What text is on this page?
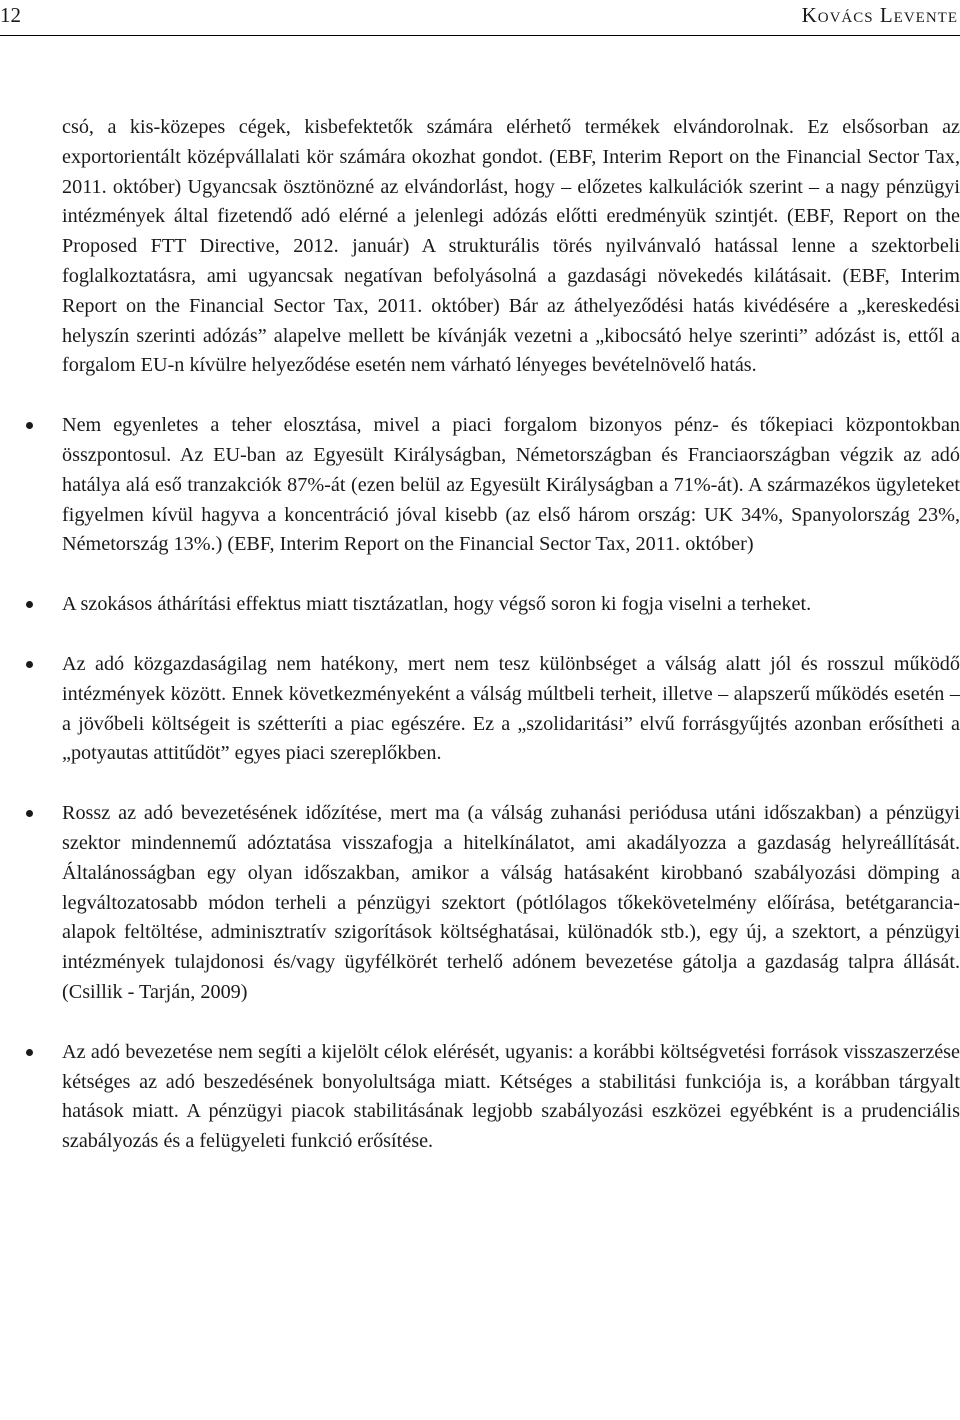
12	Kovács Levente

csó, a kis-közepes cégek, kisbefektetők számára elérhető termékek elvándorolnak. Ez elsősorban az exportorientált középvállalati kör számára okozhat gondot. (EBF, Interim Report on the Financial Sector Tax, 2011. október) Ugyancsak ösztönözné az elvándorlást, hogy – előzetes kalkulációk szerint – a nagy pénzügyi intézmények által fizetendő adó elérné a jelenlegi adózás előtti eredményük szintjét. (EBF, Report on the Proposed FTT Directive, 2012. január) A strukturális törés nyilvánvaló hatással lenne a szektorbeli foglalkoztatásra, ami ugyancsak negatívan befolyásolná a gazdasági növekedés kilátásait. (EBF, Interim Report on the Financial Sector Tax, 2011. október) Bár az áthelyeződési hatás kivédésére a „kereskedési helyszín szerinti adózás” alapelve mellett be kívánják vezetni a „kibocsátó helye szerinti” adózást is, ettől a forgalom EU-n kívülre helyeződése esetén nem várható lényeges bevételnövelő hatás.

Nem egyenletes a teher elosztása, mivel a piaci forgalom bizonyos pénz- és tőkepiaci központokban összpontosul. Az EU-ban az Egyesült Királyságban, Németországban és Franciaországban végzik az adó hatálya alá eső tranzakciók 87%-át (ezen belül az Egyesült Királyságban a 71%-át). A származékos ügyleteket figyelmen kívül hagyva a koncentráció jóval kisebb (az első három ország: UK 34%, Spanyolország 23%, Németország 13%.) (EBF, Interim Report on the Financial Sector Tax, 2011. október)

A szokásos áthárítási effektus miatt tisztázatlan, hogy végső soron ki fogja viselni a terheket.

Az adó közgazdaságilag nem hatékony, mert nem tesz különbséget a válság alatt jól és rosszul működő intézmények között. Ennek következményeként a válság múltbeli terheit, illetve – alapszerű működés esetén – a jövőbeli költségeit is szétteríti a piac egészére. Ez a „szolidaritási” elvű forrásgyűjtés azonban erősítheti a „potyautas attitűdöt” egyes piaci szereplőkben.

Rossz az adó bevezetésének időzítése, mert ma (a válság zuhanási periódusa utáni időszakban) a pénzügyi szektor mindennemű adóztatása visszafogja a hitelkínálatot, ami akadályozza a gazdaság helyreállítását. Általánosságban egy olyan időszakban, amikor a válság hatásaként kirobbanó szabályozási dömping a legváltozatosabb módon terheli a pénzügyi szektort (pótlólagos tőkekövetelmény előírása, betétgarancia-alapok feltöltése, adminisztratív szigorítások költséghatásai, különadók stb.), egy új, a szektort, a pénzügyi intézmények tulajdonosi és/vagy ügyfélkörét terhelő adónem bevezetése gátolja a gazdaság talpra állását. (Csillik - Tarján, 2009)

Az adó bevezetése nem segíti a kijelölt célok elérését, ugyanis: a korábbi költségvetési források visszaszerzése kétséges az adó beszedésének bonyolultsága miatt. Kétséges a stabilitási funkciója is, a korábban tárgyalt hatások miatt. A pénzügyi piacok stabilitásának legjobb szabályozási eszközei egyébként is a prudenciális szabályozás és a felügyeleti funkció erősítése.
